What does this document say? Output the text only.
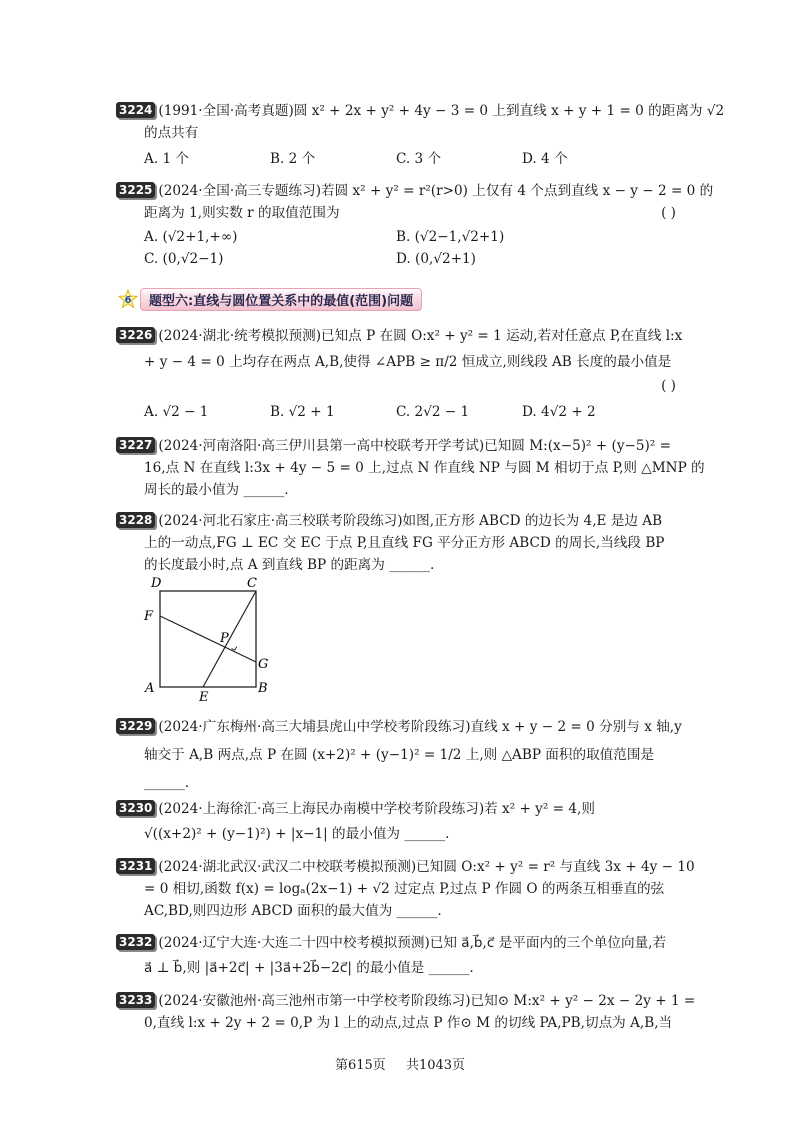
3224 (1991·全国·高考真题)圆 x² + 2x + y² + 4y − 3 = 0 上到直线 x + y + 1 = 0 的距离为 √2
的点共有
A. 1 个	B. 2 个	C. 3 个	D. 4 个
3225 (2024·全国·高三专题练习)若圆 x² + y² = r²(r>0) 上仅有 4 个点到直线 x − y − 2 = 0 的
距离为 1,则实数 r 的取值范围为	( )
A. (√2+1,+∞)	B. (√2−1,√2+1)
C. (0,√2−1)	D. (0,√2+1)
6	题型六:直线与圆位置关系中的最值(范围)问题
3226 (2024·湖北·统考模拟预测)已知点 P 在圆 O:x² + y² = 1 运动,若对任意点 P,在直线 l:x
+ y − 4 = 0 上均存在两点 A,B,使得 ∠APB ≥ π/2 恒成立,则线段 AB 长度的最小值是
( )
A. √2 − 1	B. √2 + 1	C. 2√2 − 1	D. 4√2 + 2
3227 (2024·河南洛阳·高三伊川县第一高中校联考开学考试)已知圆 M:(x−5)² + (y−5)² =
16,点 N 在直线 l:3x + 4y − 5 = 0 上,过点 N 作直线 NP 与圆 M 相切于点 P,则 △MNP 的
周长的最小值为 ______.
3228 (2024·河北石家庄·高三校联考阶段练习)如图,正方形 ABCD 的边长为 4,E 是边 AB
上的一动点,FG ⊥ EC 交 EC 于点 P,且直线 FG 平分正方形 ABCD 的周长,当线段 BP
的长度最小时,点 A 到直线 BP 的距离为 ______.
D	C
F
P
G
A
E
B
3229 (2024·广东梅州·高三大埔县虎山中学校考阶段练习)直线 x + y − 2 = 0 分别与 x 轴,y
轴交于 A,B 两点,点 P 在圆 (x+2)² + (y−1)² = 1/2 上,则 △ABP 面积的取值范围是
______.
3230 (2024·上海徐汇·高三上海民办南模中学校考阶段练习)若 x² + y² = 4,则
√((x+2)² + (y−1)²) + |x−1| 的最小值为 ______.
3231 (2024·湖北武汉·武汉二中校联考模拟预测)已知圆 O:x² + y² = r² 与直线 3x + 4y − 10
= 0 相切,函数 f(x) = logₐ(2x−1) + √2 过定点 P,过点 P 作圆 O 的两条互相垂直的弦
AC,BD,则四边形 ABCD 面积的最大值为 ______.
3232 (2024·辽宁大连·大连二十四中校考模拟预测)已知 a⃗,b⃗,c⃗ 是平面内的三个单位向量,若
a⃗ ⊥ b⃗,则 |a⃗+2c⃗| + |3a⃗+2b⃗−2c⃗| 的最小值是 ______.
3233 (2024·安徽池州·高三池州市第一中学校考阶段练习)已知⊙ M:x² + y² − 2x − 2y + 1 =
0,直线 l:x + 2y + 2 = 0,P 为 l 上的动点,过点 P 作⊙ M 的切线 PA,PB,切点为 A,B,当
第615页 共1043页
